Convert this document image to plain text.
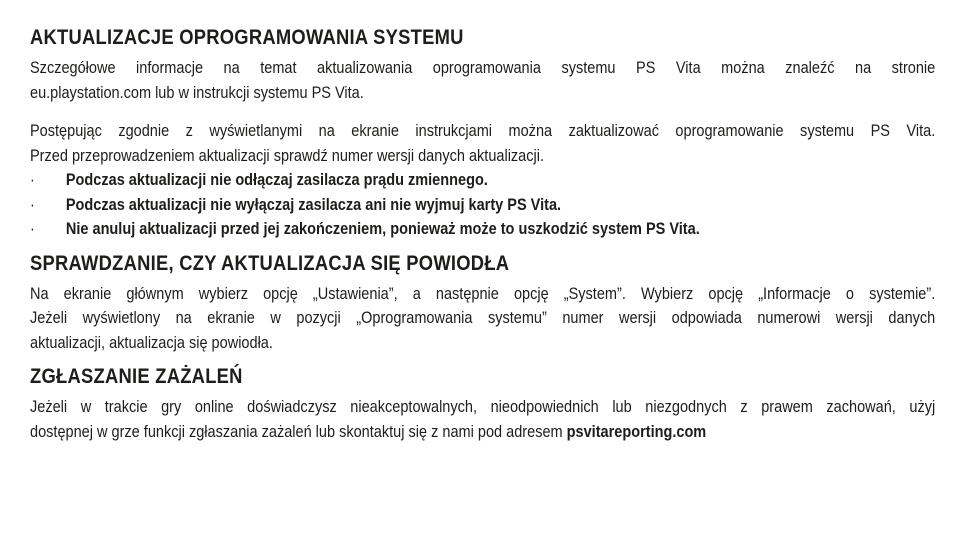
AKTUALIZACJE OPROGRAMOWANIA SYSTEMU

Szczegółowe informacje na temat aktualizowania oprogramowania systemu PS Vita można znaleźć na stronie
eu.playstation.com lub w instrukcji systemu PS Vita.

Postępując zgodnie z wyświetlanymi na ekranie instrukcjami można zaktualizować oprogramowanie systemu PS Vita.
Przed przeprowadzeniem aktualizacji sprawdź numer wersji danych aktualizacji.

·	Podczas aktualizacji nie odłączaj zasilacza prądu zmiennego.
·	Podczas aktualizacji nie wyłączaj zasilacza ani nie wyjmuj karty PS Vita.
·	Nie anuluj aktualizacji przed jej zakończeniem, ponieważ może to uszkodzić system PS Vita.
SPRAWDZANIE, CZY AKTUALIZACJA SIĘ POWIODŁA

Na ekranie głównym wybierz opcję „Ustawienia”, a następnie opcję „System”. Wybierz opcję „Informacje o systemie”.
Jeżeli wyświetlony na ekranie w pozycji „Oprogramowania systemu” numer wersji odpowiada numerowi wersji danych
aktualizacji, aktualizacja się powiodła.

ZGŁASZANIE ZAŻALEŃ

Jeżeli w trakcie gry online doświadczysz nieakceptowalnych, nieodpowiednich lub niezgodnych z prawem zachowań, użyj
dostępnej w grze funkcji zgłaszania zażaleń lub skontaktuj się z nami pod adresem psvitareporting.com
